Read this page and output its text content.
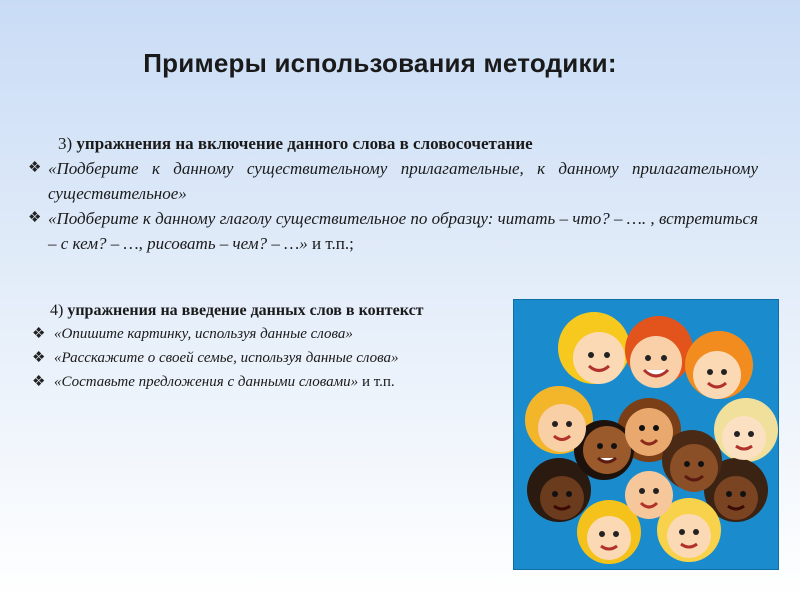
Примеры использования методики:
3) упражнения на включение данного слова в словосочетание
❖ «Подберите к данному существительному прилагательные, к данному прилагательному существительное»
❖ «Подберите к данному глаголу существительное по образцу: читать – что? – …. , встретиться – с кем? – …, рисовать – чем? – …» и т.п.;
4) упражнения на введение данных слов в контекст
❖ «Опишите картинку, используя данные слова»
❖ «Расскажите о своей семье, используя данные слова»
❖ «Составьте предложения с данными словами» и т.п.
